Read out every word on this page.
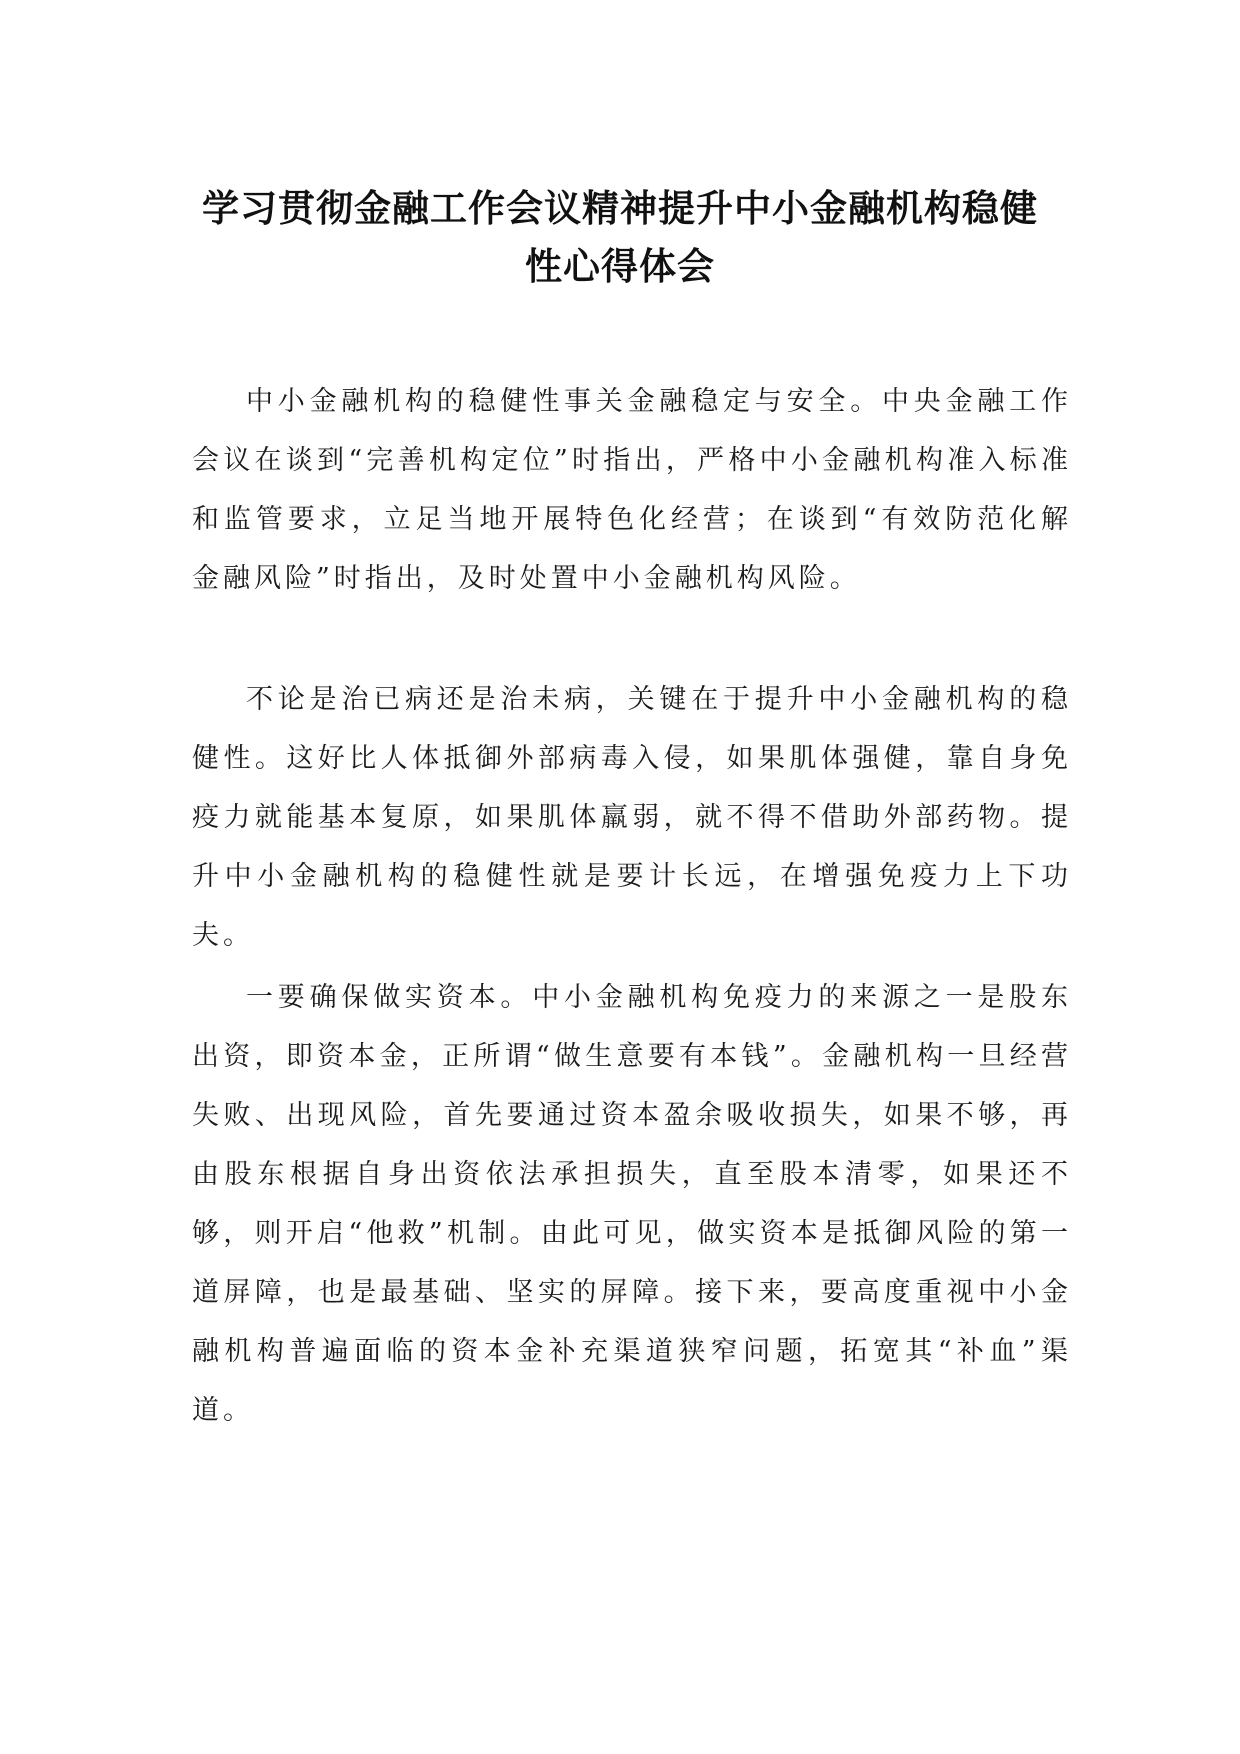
学习贯彻金融工作会议精神提升中小金融机构稳健
性心得体会

中小金融机构的稳健性事关金融稳定与安全。中央金融工作会议在谈到“完善机构定位”时指出，严格中小金融机构准入标准和监管要求，立足当地开展特色化经营；在谈到“有效防范化解金融风险”时指出，及时处置中小金融机构风险。

不论是治已病还是治未病，关键在于提升中小金融机构的稳健性。这好比人体抵御外部病毒入侵，如果肌体强健，靠自身免疫力就能基本复原，如果肌体羸弱，就不得不借助外部药物。提升中小金融机构的稳健性就是要计长远，在增强免疫力上下功夫。

一要确保做实资本。中小金融机构免疫力的来源之一是股东出资，即资本金，正所谓“做生意要有本钱”。金融机构一旦经营失败、出现风险，首先要通过资本盈余吸收损失，如果不够，再由股东根据自身出资依法承担损失，直至股本清零，如果还不够，则开启“他救”机制。由此可见，做实资本是抵御风险的第一道屏障，也是最基础、坚实的屏障。接下来，要高度重视中小金融机构普遍面临的资本金补充渠道狭窄问题，拓宽其“补血”渠道。
